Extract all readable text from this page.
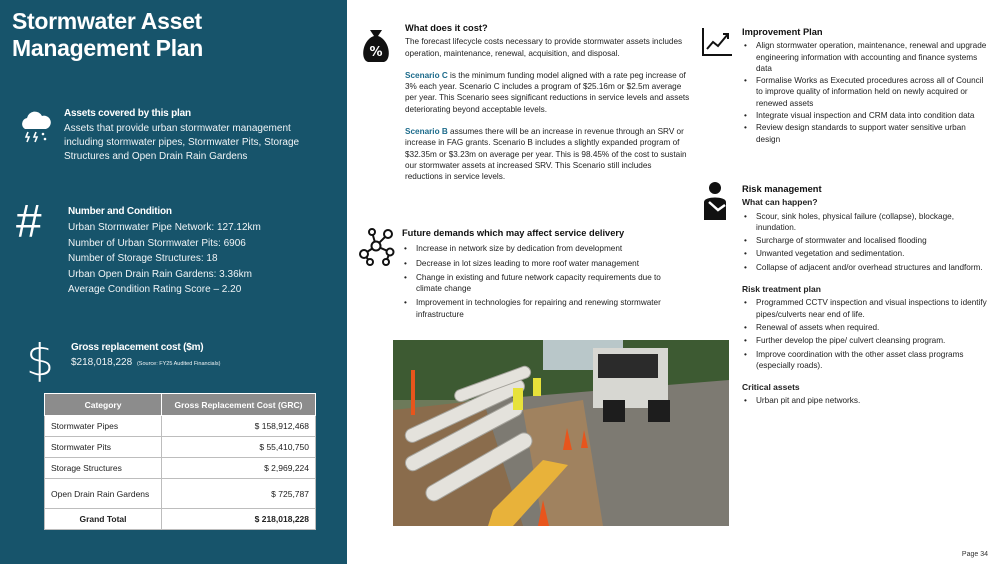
Stormwater Asset Management Plan
Assets covered by this plan

Assets that provide urban stormwater management including stormwater pipes, Stormwater Pits, Storage Structures and Open Drain Rain Gardens

#	Number and Condition

Urban Stormwater Pipe Network: 127.12km

Number of Urban Stormwater Pits: 6906

Number of Storage Structures: 18

Urban Open Drain Rain Gardens: 3.36km

Average Condition Rating Score – 2.20

$ Gross replacement cost ($m)

$218,018,228 (Source: FY25 Audited Financials)

Category	Gross Replacement Cost (GRC)
Stormwater Pipes	$ 158,912,468
Stormwater Pits	$ 55,410,750
Storage Structures	$ 2,969,224
Open Drain Rain Gardens	$ 725,787
Grand Total	$ 218,018,228
%
What does it cost?

The forecast lifecycle costs necessary to provide stormwater assets includes operation, maintenance, renewal, acquisition, and disposal.

Scenario C is the minimum funding model aligned with a rate peg increase of 3% each year. Scenario C includes a program of $25.16m or $2.5m average per year. This Scenario sees significant reductions in service levels and assets deteriorating beyond acceptable levels.

Scenario B assumes there will be an increase in revenue through an SRV or increase in FAG grants. Scenario B includes a slightly expanded program of $32.35m or $3.23m on average per year. This is 98.45% of the cost to sustain our stormwater assets at increased SRV. This Scenario still includes reductions in service levels.

Future demands which may affect service delivery
• Increase in network size by dedication from development
• Decrease in lot sizes leading to more roof water management
• Change in existing and future network capacity requirements due to climate change
• Improvement in technologies for repairing and renewing stormwater infrastructure
Improvement Plan
• Align stormwater operation, maintenance, renewal and upgrade engineering information with accounting and finance systems data
• Formalise Works as Executed procedures across all of Council to improve quality of information held on newly acquired or renewed assets
• Integrate visual inspection and CRM data into condition data
• Review design standards to support water sensitive urban design
Risk management
What can happen?
• Scour, sink holes, physical failure (collapse), blockage, inundation.
• Surcharge of stormwater and localised flooding
• Unwanted vegetation and sedimentation.
• Collapse of adjacent and/or overhead structures and landform.
Risk treatment plan
• Programmed CCTV inspection and visual inspections to identify pipes/culverts near end of life.
• Renewal of assets when required.
• Further develop the pipe/ culvert cleansing program.
• Improve coordination with the other asset class programs (especially roads).
Critical assets
• Urban pit and pipe networks.
Page 34
